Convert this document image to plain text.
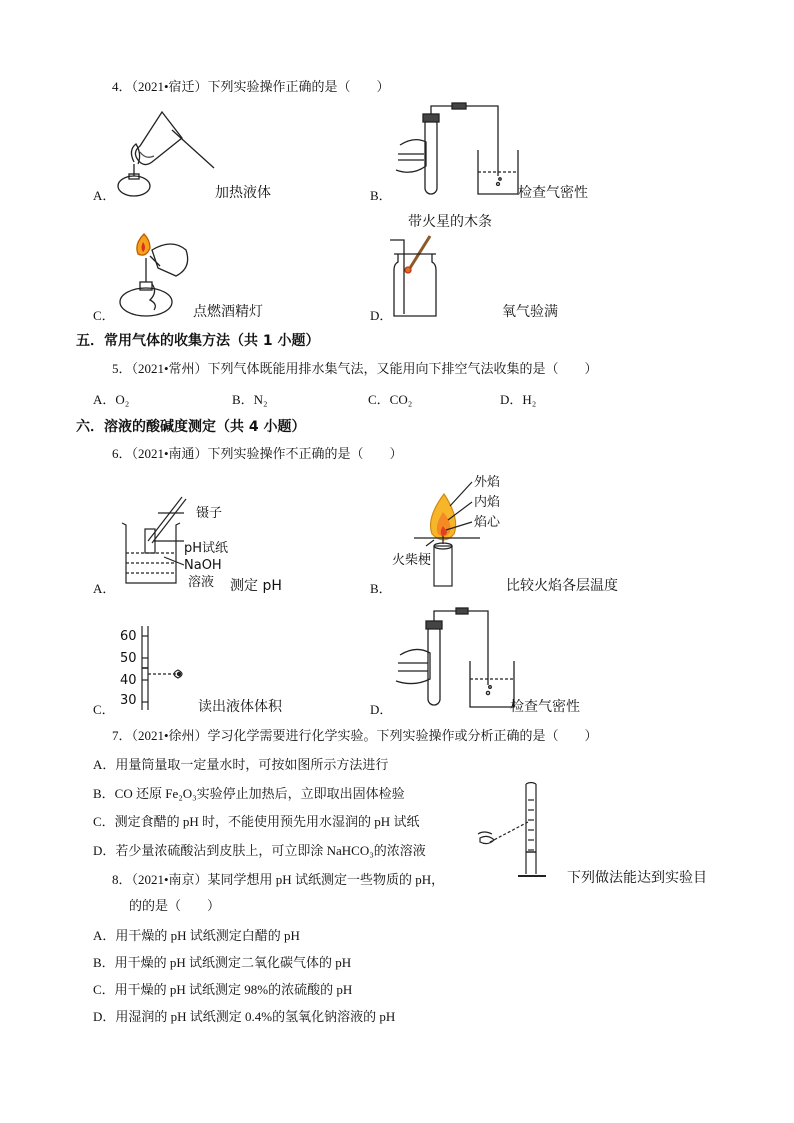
4．（2021•宿迁）下列实验操作正确的是（　　）
A．	加热液体	B．	检查气密性
带火星的木条
C．	点燃酒精灯	D．	氧气验满
五．常用气体的收集方法（共 1 小题）
5．（2021•常州）下列气体既能用排水集气法，又能用向下排空气法收集的是（　　）
A．O₂	B．N₂	C．CO₂	D．H₂
六．溶液的酸碱度测定（共 4 小题）
6．（2021•南通）下列实验操作不正确的是（　　）
镊子
pH试纸
NaOH
溶液
A．	测定 pH
外焰
内焰
焰心
火柴梗
B．	比较火焰各层温度
60
50
40
30
C．	读出液体体积	D．	检查气密性
7．（2021•徐州）学习化学需要进行化学实验。下列实验操作或分析正确的是（　　）
A．用量筒量取一定量水时，可按如图所示方法进行
B．CO 还原 Fe₂O₃实验停止加热后，立即取出固体检验
C．测定食醋的 pH 时，不能使用预先用水湿润的 pH 试纸
D．若少量浓硫酸沾到皮肤上，可立即涂 NaHCO₃的浓溶液
8．（2021•南京）某同学想用 pH 试纸测定一些物质的 pH，	下列做法能达到实验目
的的是（　　）
A．用干燥的 pH 试纸测定白醋的 pH
B．用干燥的 pH 试纸测定二氧化碳气体的 pH
C．用干燥的 pH 试纸测定 98%的浓硫酸的 pH
D．用湿润的 pH 试纸测定 0.4%的氢氧化钠溶液的 pH
